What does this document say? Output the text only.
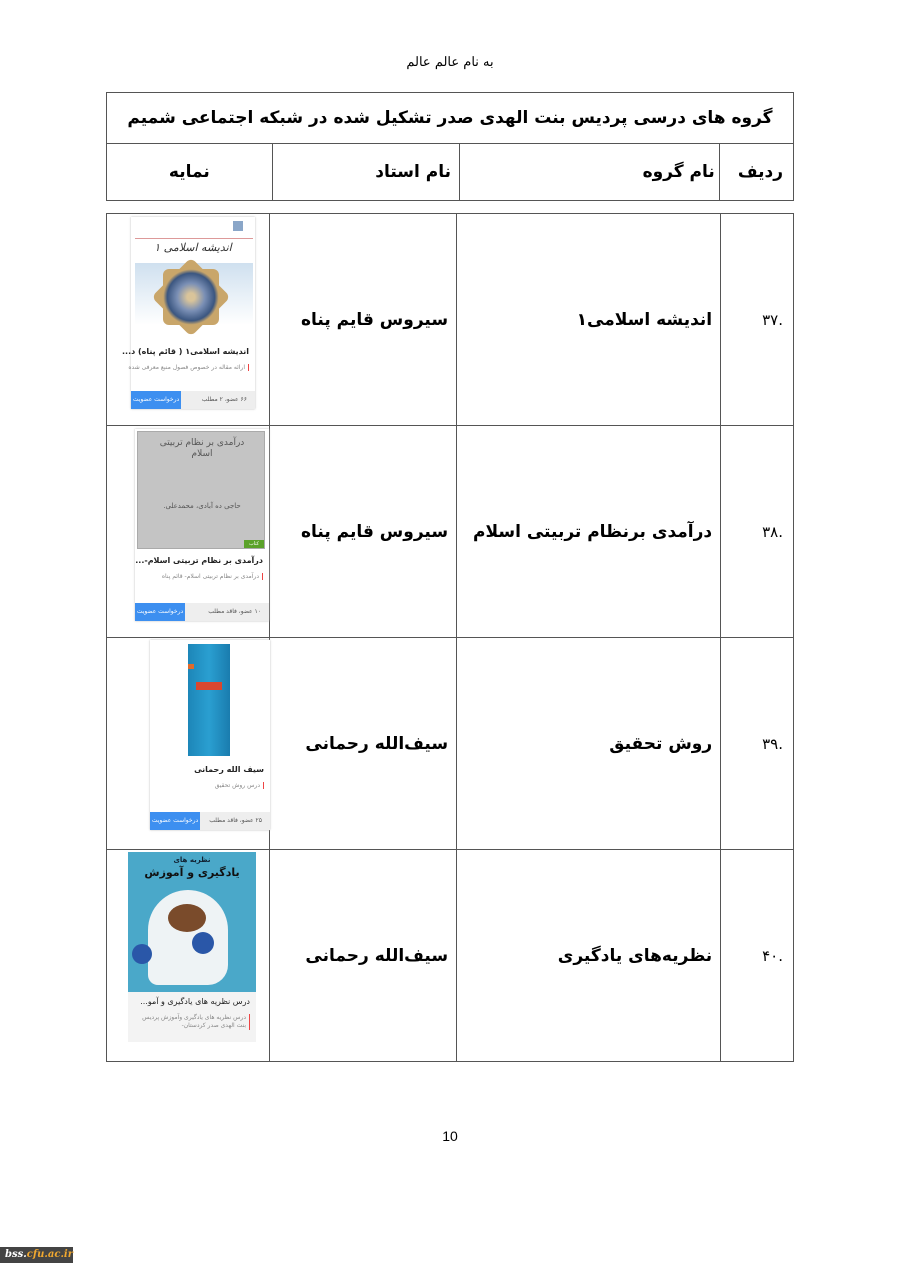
به نام عالم عالم
گروه های درسی پردیس بنت الهدی صدر تشکیل شده در شبکه اجتماعی شمیم
ردیف	نام گروه	نام استاد	نمایه
۳۷.	اندیشه اسلامی۱	سیروس قایم پناه	اندیشه اسلامی ۱
اندیشه اسلامی۱ ( قائم پناه) د...
ارائه مقاله در خصوص فصول منبع معرفی شده
۶۶ عضو، ۲ مطلب
درخواست عضویت

۳۸.	درآمدی برنظام تربیتی اسلام	سیروس قایم پناه	
درآمدی بر نظام تربیتی اسلام
حاجی ده آبادی، محمدعلی.
کتاب
درآمدی بر نظام تربیتی اسلام-...
درآمدی بر نظام تربیتی اسلام- قائم پناه
۱۰ عضو، فاقد مطلب
درخواست عضویت

۳۹.	روش تحقیق	سیف‌الله رحمانی	سیف الله رحمانی
درس روش تحقیق
۲۵ عضو، فاقد مطلب
درخواست عضویت

۴۰.	نظریه‌های یادگیری	سیف‌الله رحمانی	نظریه های
یادگیری و آموزش
درس نظریه های یادگیری و آمو...
درس نظریه های یادگیری وآموزش پردیس بنت الهدی صدر کردستان-
10
bss.cfu.ac.ir
